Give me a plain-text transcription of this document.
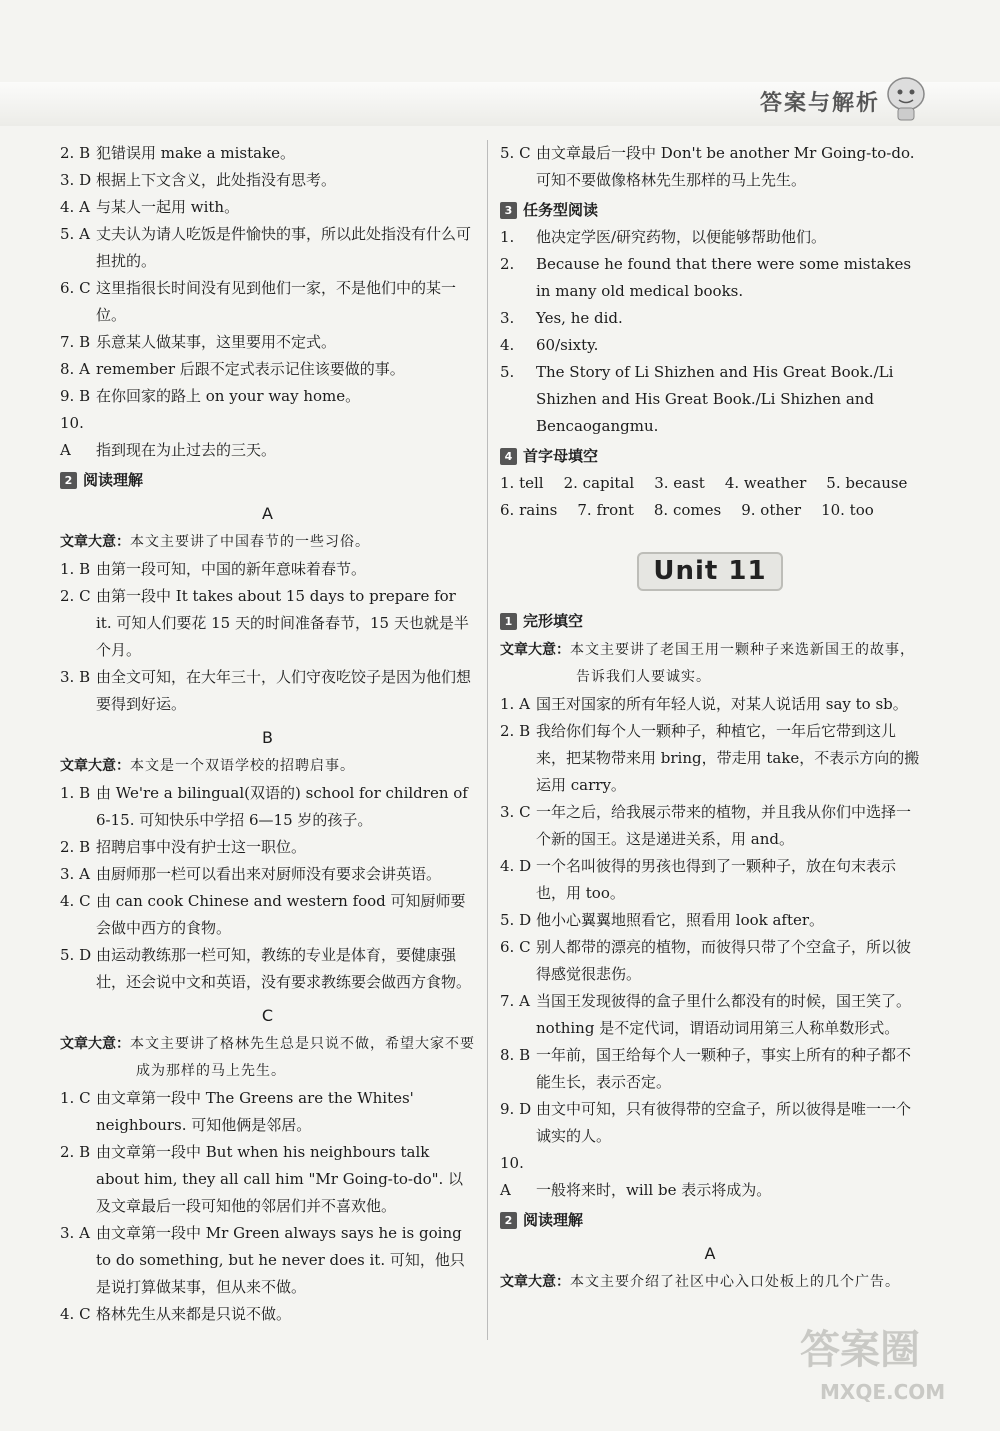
答案与解析

2. B 犯错误用 make a mistake。

3. D 根据上下文含义，此处指没有思考。

4. A 与某人一起用 with。

5. A 丈夫认为请人吃饭是件愉快的事，所以此处指没有什么可担扰的。

6. C 这里指很长时间没有见到他们一家，不是他们中的某一位。

7. B 乐意某人做某事，这里要用不定式。

8. A remember 后跟不定式表示记住该要做的事。

9. B 在你回家的路上 on your way home。

10. A 指到现在为止过去的三天。

2 阅读理解

A

文章大意：本文主要讲了中国春节的一些习俗。

1. B 由第一段可知，中国的新年意味着春节。

2. C 由第一段中 It takes about 15 days to prepare for it. 可知人们要花 15 天的时间准备春节，15 天也就是半个月。

3. B 由全文可知，在大年三十，人们守夜吃饺子是因为他们想要得到好运。

B

文章大意：本文是一个双语学校的招聘启事。

1. B 由 We're a bilingual(双语的) school for children of 6-15. 可知快乐中学招 6—15 岁的孩子。

2. B 招聘启事中没有护士这一职位。

3. A 由厨师那一栏可以看出来对厨师没有要求会讲英语。

4. C 由 can cook Chinese and western food 可知厨师要会做中西方的食物。

5. D 由运动教练那一栏可知，教练的专业是体育，要健康强壮，还会说中文和英语，没有要求教练要会做西方食物。

C

文章大意：本文主要讲了格林先生总是只说不做，希望大家不要成为那样的马上先生。

1. C 由文章第一段中 The Greens are the Whites' neighbours. 可知他俩是邻居。

2. B 由文章第一段中 But when his neighbours talk about him, they all call him "Mr Going-to-do". 以及文章最后一段可知他的邻居们并不喜欢他。

3. A 由文章第一段中 Mr Green always says he is going to do something, but he never does it. 可知，他只是说打算做某事，但从来不做。

4. C 格林先生从来都是只说不做。

5. C 由文章最后一段中 Don't be another Mr Going-to-do. 可知不要做像格林先生那样的马上先生。

3 任务型阅读

1. 他决定学医/研究药物，以便能够帮助他们。

2. Because he found that there were some mistakes in many old medical books.

3. Yes, he did.

4. 60/sixty.

5. The Story of Li Shizhen and His Great Book./Li Shizhen and His Great Book./Li Shizhen and Bencaogangmu.

4 首字母填空

1. tell 2. capital 3. east 4. weather 5. because

6. rains 7. front 8. comes 9. other 10. too

Unit 11
1 完形填空

文章大意：本文主要讲了老国王用一颗种子来选新国王的故事，告诉我们人要诚实。

1. A 国王对国家的所有年轻人说，对某人说话用 say to sb。

2. B 我给你们每个人一颗种子，种植它，一年后它带到这儿来，把某物带来用 bring，带走用 take，不表示方向的搬运用 carry。

3. C 一年之后，给我展示带来的植物，并且我从你们中选择一个新的国王。这是递进关系，用 and。

4. D 一个名叫彼得的男孩也得到了一颗种子，放在句末表示也，用 too。

5. D 他小心翼翼地照看它，照看用 look after。

6. C 别人都带的漂亮的植物，而彼得只带了个空盒子，所以彼得感觉很悲伤。

7. A 当国王发现彼得的盒子里什么都没有的时候，国王笑了。nothing 是不定代词，谓语动词用第三人称单数形式。

8. B 一年前，国王给每个人一颗种子，事实上所有的种子都不能生长，表示否定。

9. D 由文中可知，只有彼得带的空盒子，所以彼得是唯一一个诚实的人。

10. A 一般将来时，will be 表示将成为。

2 阅读理解

A

文章大意：本文主要介绍了社区中心入口处板上的几个广告。

答案圈
MXQE.COM
